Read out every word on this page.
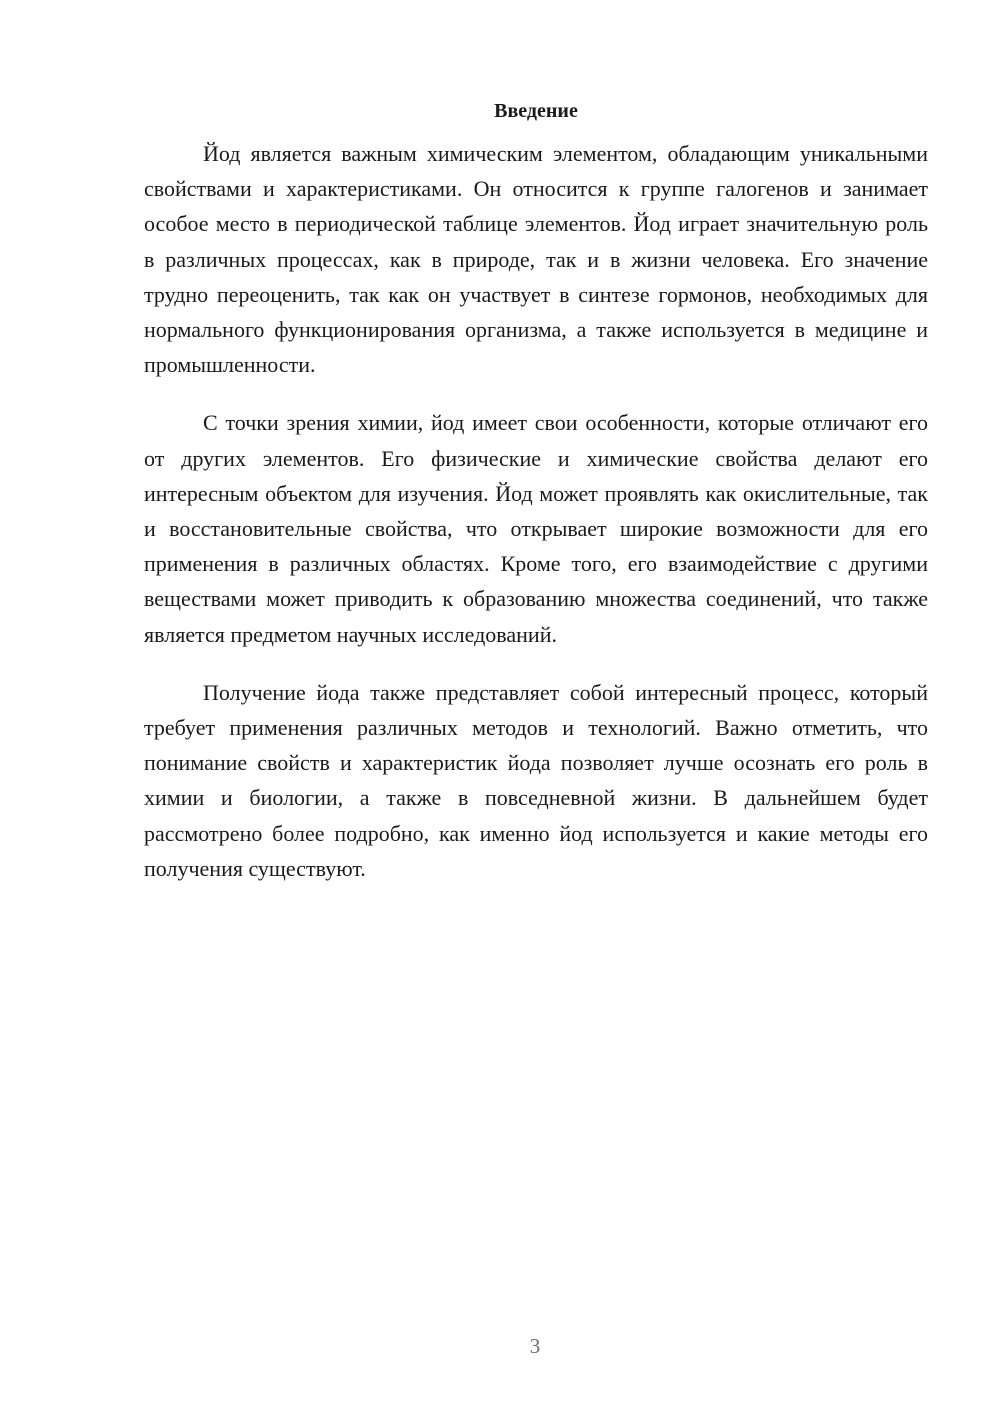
Введение

Йод является важным химическим элементом, обладающим уникальными свойствами и характеристиками. Он относится к группе галогенов и занимает особое место в периодической таблице элементов. Йод играет значительную роль в различных процессах, как в природе, так и в жизни человека. Его значение трудно переоценить, так как он участвует в синтезе гормонов, необходимых для нормального функционирования организма, а также используется в медицине и промышленности.

С точки зрения химии, йод имеет свои особенности, которые отличают его от других элементов. Его физические и химические свойства делают его интересным объектом для изучения. Йод может проявлять как окислительные, так и восстановительные свойства, что открывает широкие возможности для его применения в различных областях. Кроме того, его взаимодействие с другими веществами может приводить к образованию множества соединений, что также является предметом научных исследований.

Получение йода также представляет собой интересный процесс, который требует применения различных методов и технологий. Важно отметить, что понимание свойств и характеристик йода позволяет лучше осознать его роль в химии и биологии, а также в повседневной жизни. В дальнейшем будет рассмотрено более подробно, как именно йод используется и какие методы его получения существуют.

3
